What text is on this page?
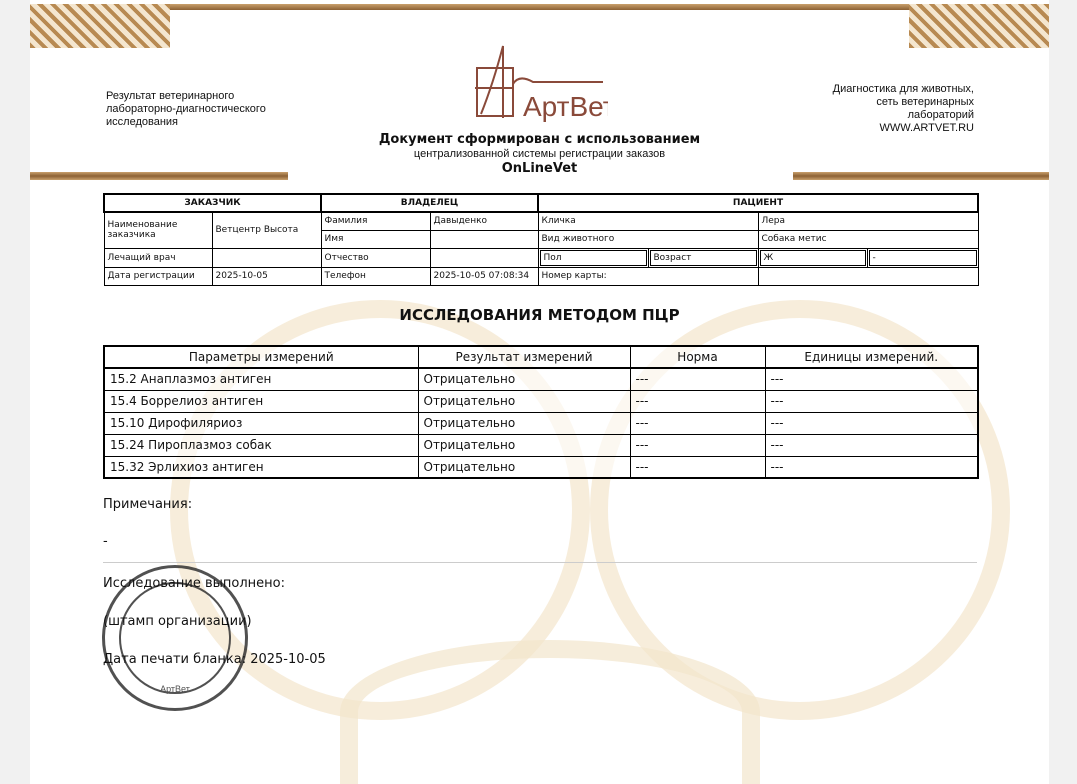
Результат ветеринарного
лабораторно-диагностического
исследования
Диагностика для животных,
сеть ветеринарных
лабораторий
WWW.ARTVET.RU
АртВет
Документ сформирован с использованием
централизованной системы регистрации заказов
OnLineVet
ЗАКАЗЧИК		ВЛАДЕЛЕЦ		ПАЦИЕНТ			
Наименование заказчика	Ветцентр Высота	Фамилия	Давыденко	Кличка		Лера	
		Имя		Вид животного		Собака метис	
Лечащий врач		Отчество		Пол	Возраст	Ж	-

Дата регистрации	2025-10-05	Телефон	2025-10-05 07:08:34	Номер карты:			
ИССЛЕДОВАНИЯ МЕТОДОМ ПЦР
Параметры измерений	Результат измерений	Норма	Единицы измерений.
15.2 Анаплазмоз антиген	Отрицательно	---	---
15.4 Боррелиоз антиген	Отрицательно	---	---
15.10 Дирофиляриоз	Отрицательно	---	---
15.24 Пироплазмоз собак	Отрицательно	---	---
15.32 Эрлихиоз антиген	Отрицательно	---	---
Примечания:
-
АртВет
Исследование выполнено:
(штамп организации)
Дата печати бланка: 2025-10-05
